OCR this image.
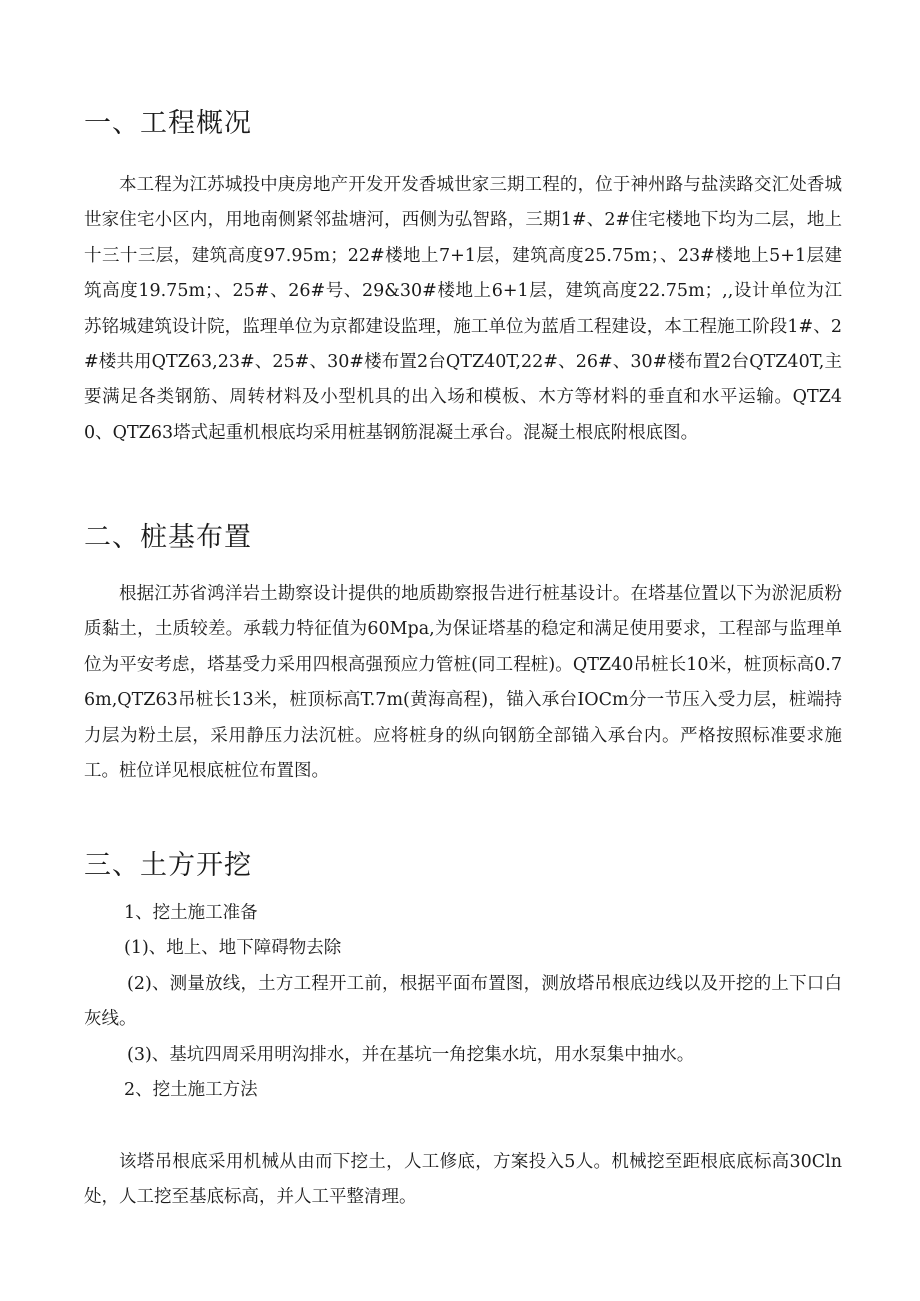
一、工程概况

本工程为江苏城投中庚房地产开发开发香城世家三期工程的，位于神州路与盐渎路交汇处香城世家住宅小区内，用地南侧紧邻盐塘河，西侧为弘智路，三期1#、2#住宅楼地下均为二层，地上十三十三层，建筑高度97.95m；22#楼地上7+1层，建筑高度25.75m；、23#楼地上5+1层建筑高度19.75m；、25#、26#号、29&30#楼地上6+1层，建筑高度22.75m；,,设计单位为江苏铭城建筑设计院，监理单位为京都建设监理，施工单位为蓝盾工程建设，本工程施工阶段1#、2#楼共用QTZ63,23#、25#、30#楼布置2台QTZ40T,22#、26#、30#楼布置2台QTZ40T,主要满足各类钢筋、周转材料及小型机具的出入场和模板、木方等材料的垂直和水平运输。QTZ40、QTZ63塔式起重机根底均采用桩基钢筋混凝土承台。混凝土根底附根底图。

二、桩基布置

根据江苏省鸿洋岩土勘察设计提供的地质勘察报告进行桩基设计。在塔基位置以下为淤泥质粉质黏土，土质较差。承载力特征值为60Mpa,为保证塔基的稳定和满足使用要求，工程部与监理单位为平安考虑，塔基受力采用四根高强预应力管桩(同工程桩)。QTZ40吊桩长10米，桩顶标高0.76m,QTZ63吊桩长13米，桩顶标高T.7m(黄海高程)，锚入承台IOCm分一节压入受力层，桩端持力层为粉土层，采用静压力法沉桩。应将桩身的纵向钢筋全部锚入承台内。严格按照标准要求施工。桩位详见根底桩位布置图。

三、土方开挖

1、挖土施工准备

(1)、地上、地下障碍物去除

(2)、测量放线，土方工程开工前，根据平面布置图，测放塔吊根底边线以及开挖的上下口白灰线。

(3)、基坑四周采用明沟排水，并在基坑一角挖集水坑，用水泵集中抽水。

2、挖土施工方法

该塔吊根底采用机械从由而下挖土，人工修底，方案投入5人。机械挖至距根底底标高30Cln处，人工挖至基底标高，并人工平整清理。
